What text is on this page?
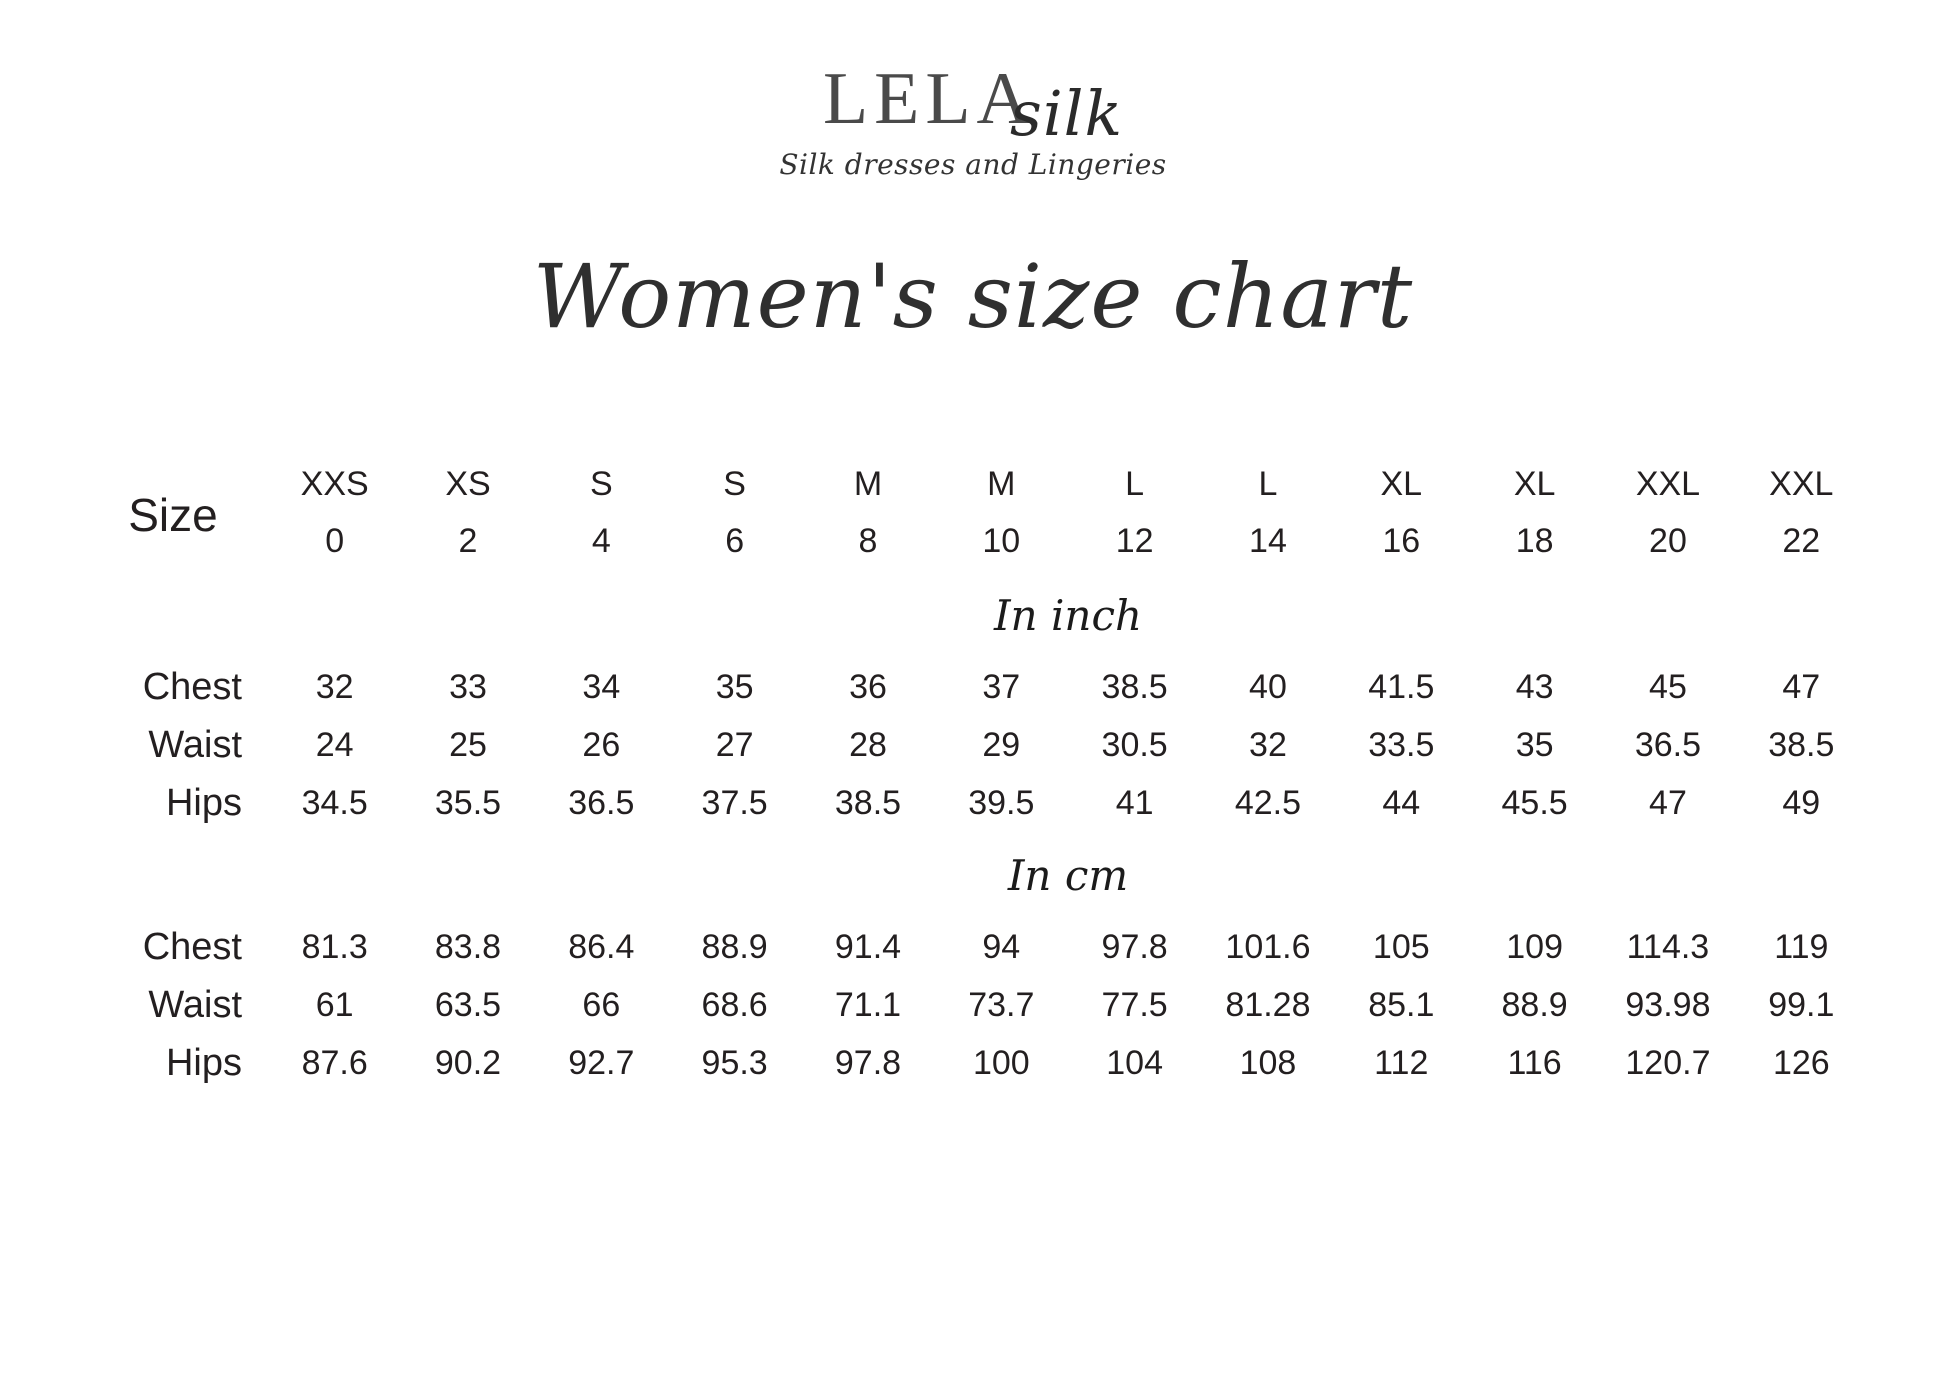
LELAsilk
Silk dresses and Lingeries
Women's size chart
Size	XXS	XS	S	S	M	M	L	L	XL	XL	XXL	XXL
	0	2	4	6	8	10	12	14	16	18	20	22
	In inch											
Chest	32	33	34	35	36	37	38.5	40	41.5	43	45	47
Waist	24	25	26	27	28	29	30.5	32	33.5	35	36.5	38.5
Hips	34.5	35.5	36.5	37.5	38.5	39.5	41	42.5	44	45.5	47	49
	In cm											
Chest	81.3	83.8	86.4	88.9	91.4	94	97.8	101.6	105	109	114.3	119
Waist	61	63.5	66	68.6	71.1	73.7	77.5	81.28	85.1	88.9	93.98	99.1
Hips	87.6	90.2	92.7	95.3	97.8	100	104	108	112	116	120.7	126
